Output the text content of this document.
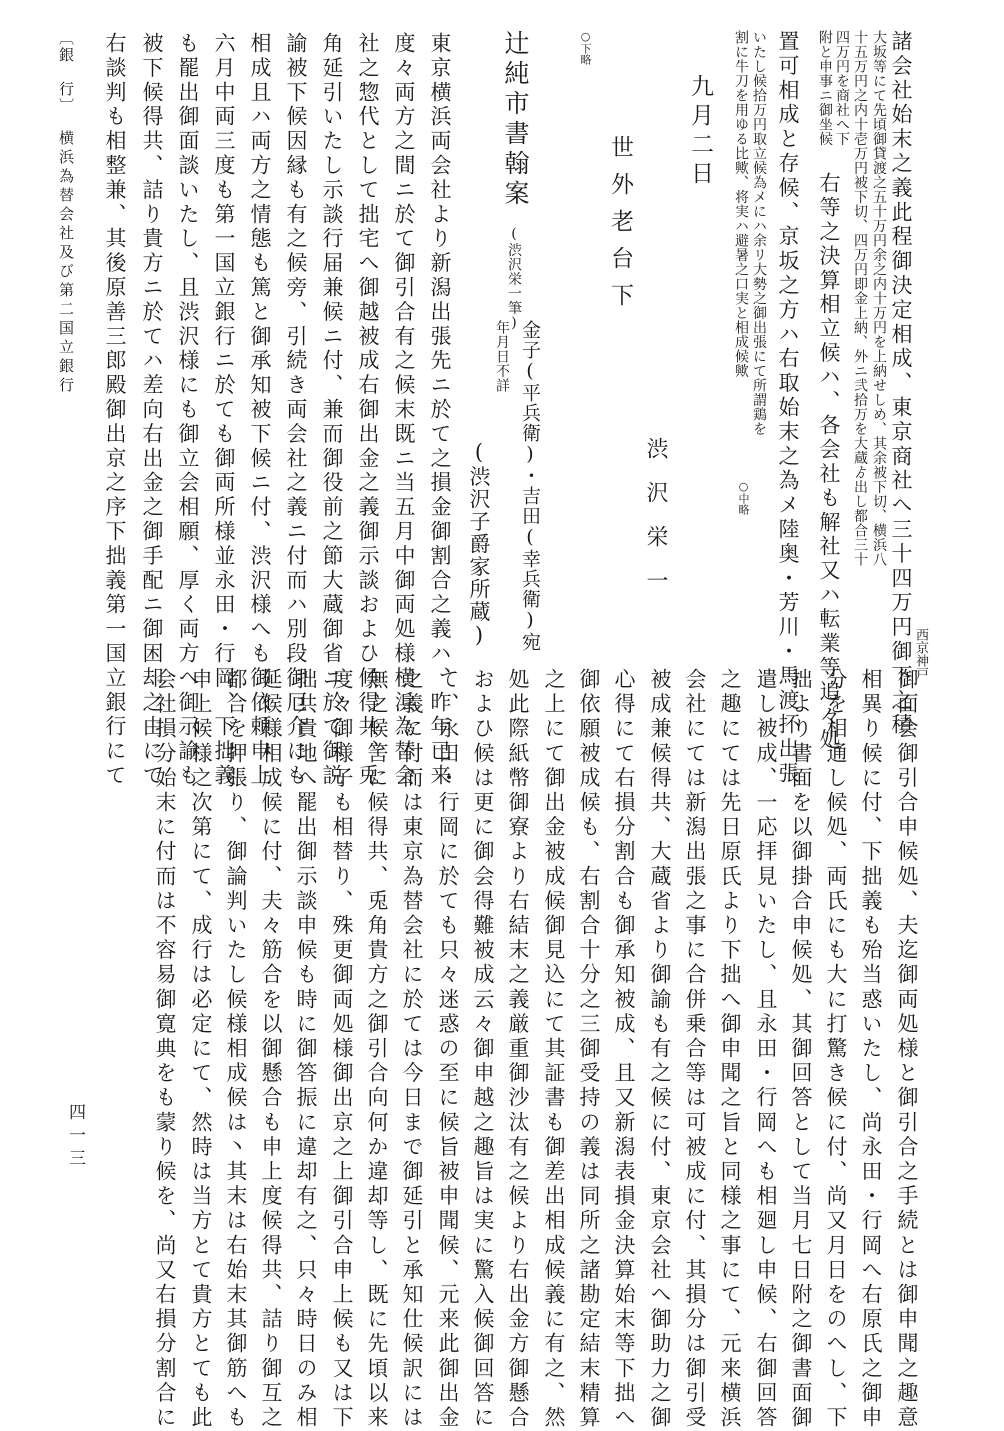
諸会社始末之義此程御決定相成、東京商社へ三十四万円御下之積 西京神戸
大坂等にて先頃御貸渡之五十万円余之内十万円を上納せしめ、其余被下切、横浜八
十五万円之内十壱万円被下切、四万円即金上納、外ニ弐拾万を大蔵ゟ出し都合三十
四万円を商社へ下
附と申事ニ御坐候
右等之決算相立候ハ、各会社も解社又ハ転業等追々処
置可相成と存候、京坂之方ハ右取始末之為メ陸奥・芳川・馬渡抔出張
いたし候拾万円取立候為メにハ余リ大勢之御出張にて所謂鶏を
割に牛刀を用ゆる比歟、将実ハ避暑之口実と相成候歟
○中略
九月二日
渋沢栄一
世外老台下
○下略
辻純市書翰案
(渋沢栄一筆)
金子(平兵衛)・吉田(幸兵衛)宛
年月日不詳
(渋沢子爵家所蔵)
東京横浜両会社より新潟出張先ニ於て之損金御割合之義ハ、昨年已来
度々両方之間ニ於て御引合有之候末既ニ当五月中御両処様横浜為替会
社之惣代として拙宅へ御越被成右御出金之義御示談およひ候得共、兎
角延引いたし示談行届兼候ニ付、兼而御役前之節大蔵御省ニ於て御説
諭被下候因縁も有之候旁、引続き両会社之義ニ付而ハ別段御厄介にも
相成且ハ両方之情態も篤と御承知被下候ニ付、渋沢様へも御依頼申上
六月中両三度も第一国立銀行ニ於ても御両所様並永田・行岡、下拙義
も罷出御面談いたし、且渋沢様にも御立会相願、厚く両方へ御示諭も
被下候得共、詰り貴方ニ於てハ差向右出金之御手配ニ御困却之由にて
右談判も相整兼、其後原善三郎殿御出京之序下拙義第一国立銀行にて
〔銀　行〕
横浜為替会社及び第二国立銀行
御面会御引合申候処、夫迄御両処様と御引合之手続とは御申聞之趣意
相異り候に付、下拙義も殆当惑いたし、尚永田・行岡へ右原氏之御申
分を相通し候処、両氏にも大に打驚き候に付、尚又月日をのへし、下
拙より書面を以御掛合申候処、其御回答として当月七日附之御書面御
遣し被成、一応拝見いたし、且永田・行岡へも相廻し申候、右御回答
之趣にては先日原氏より下拙へ御申聞之旨と同様之事にて、元来横浜
会社にては新潟出張之事に合併乗合等は可被成に付、其損分は御引受
被成兼候得共、大蔵省より御諭も有之候に付、東京会社へ御助力之御
心得にて右損分割合も御承知被成、且又新潟表損金決算始末等下拙へ
御依願被成候も、右割合十分之三御受持の義は同所之諸勘定結末精算
之上にて御出金被成候御見込にて其証書も御差出相成候義に有之、然
処此際紙幣御寮より右結末之義厳重御沙汰有之候より右出金方御懸合
およひ候は更に御会得難被成云々御申越之趣旨は実に驚入候御回答に
て、永田・行岡に於ても只々迷惑の至に候旨被申聞候、元来此御出金
之義に付而は東京為替会社に於ては今日まで御延引と承知仕候訳には
無之候筈に候得共、兎角貴方之御引合向何か違却等し、既に先頃以来
度々御様子も相替り、殊更御両処様御出京之上御引合申上候も又は下
拙共貴地へ罷出御示談申候も時に御答振に違却有之、只々時日のみ相
延候様相成候に付、夫々筋合を以御懸合も申上度候得共、詰り御互之
都合を押張り、御論判いたし候様相成候は丶其末は右始末其御筋へも
申上候様之次第にて、成行は必定にて、然時は当方とて貴方とても此
会社損分始末に付而は不容易御寛典をも蒙り候を、尚又右損分割合に
四一三
